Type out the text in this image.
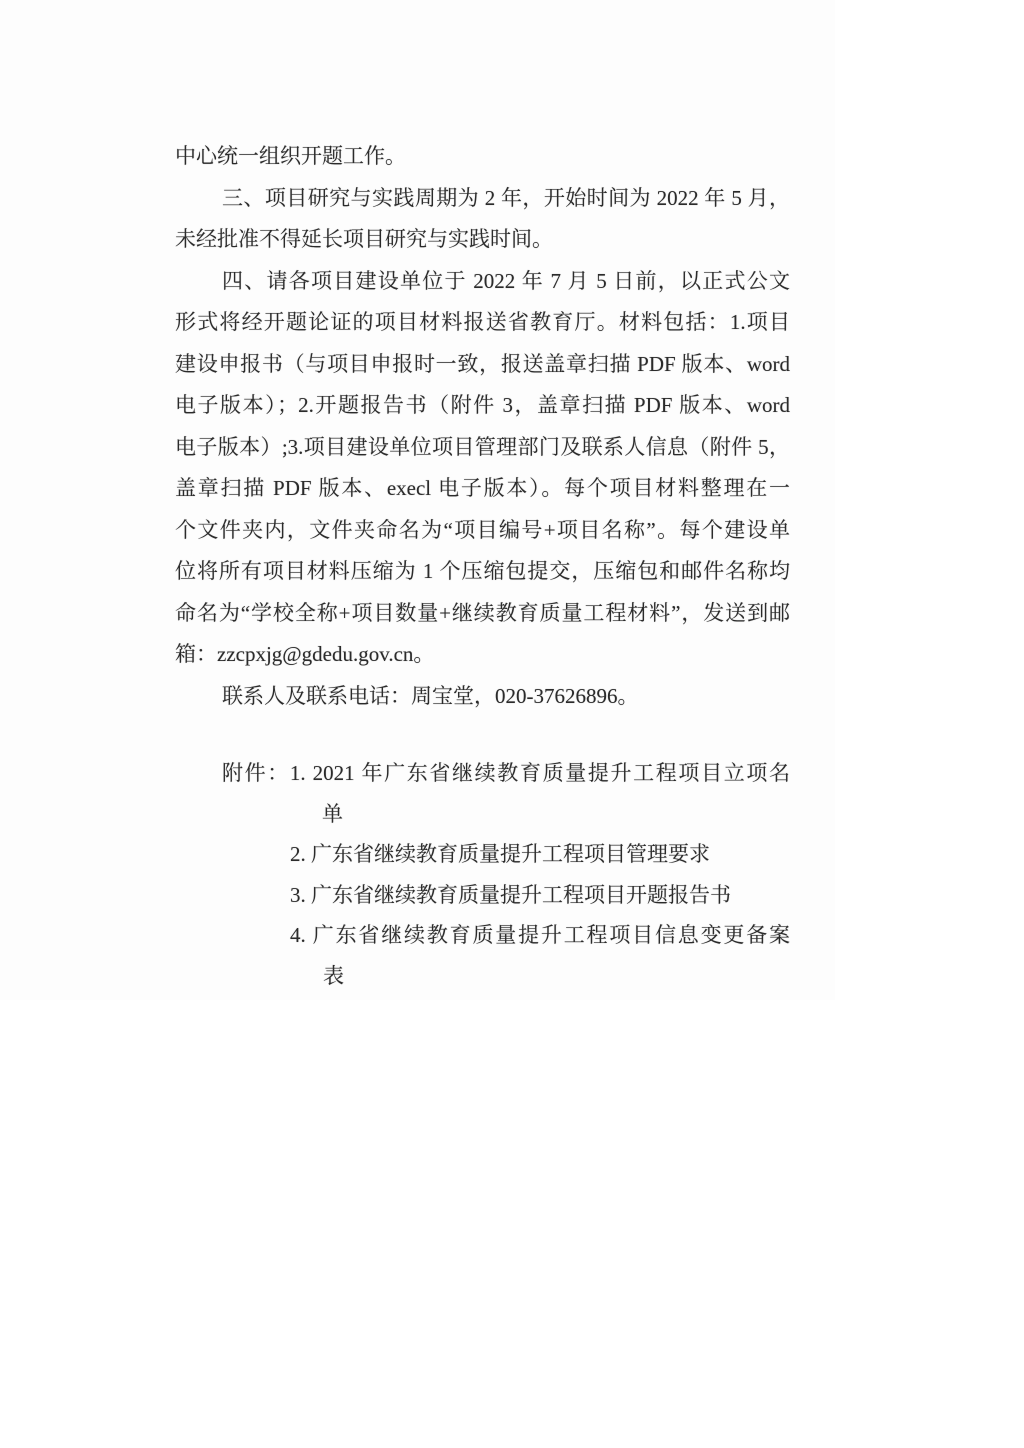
中心统一组织开题工作。
三、项目研究与实践周期为 2 年，开始时间为 2022 年 5 月，
未经批准不得延长项目研究与实践时间。
四、请各项目建设单位于 2022 年 7 月 5 日前，以正式公文
形式将经开题论证的项目材料报送省教育厅。材料包括：1.项目
建设申报书（与项目申报时一致，报送盖章扫描 PDF 版本、word
电子版本）；2.开题报告书（附件 3，盖章扫描 PDF 版本、word
电子版本）;3.项目建设单位项目管理部门及联系人信息（附件 5，
盖章扫描 PDF 版本、execl 电子版本）。每个项目材料整理在一
个文件夹内，文件夹命名为“项目编号+项目名称”。每个建设单
位将所有项目材料压缩为 1 个压缩包提交，压缩包和邮件名称均
命名为“学校全称+项目数量+继续教育质量工程材料”，发送到邮
箱：zzcpxjg@gdedu.gov.cn。
联系人及联系电话：周宝堂，020-37626896。
附件：1. 2021 年广东省继续教育质量提升工程项目立项名
单
2. 广东省继续教育质量提升工程项目管理要求
3. 广东省继续教育质量提升工程项目开题报告书
4. 广东省继续教育质量提升工程项目信息变更备案
表
